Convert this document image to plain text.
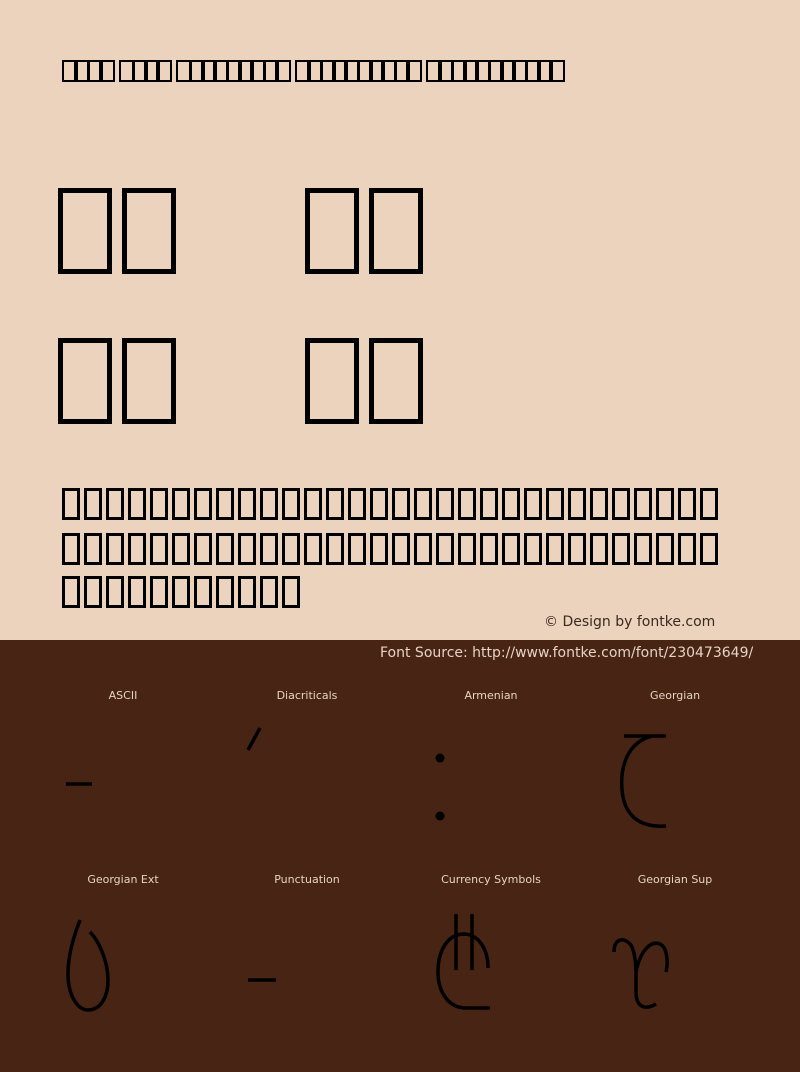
© Design by fontke.com
Font Source: http://www.fontke.com/font/230473649/
ASCII	Diacriticals	Armenian	Georgian
Georgian Ext	Punctuation	Currency Symbols	Georgian Sup
